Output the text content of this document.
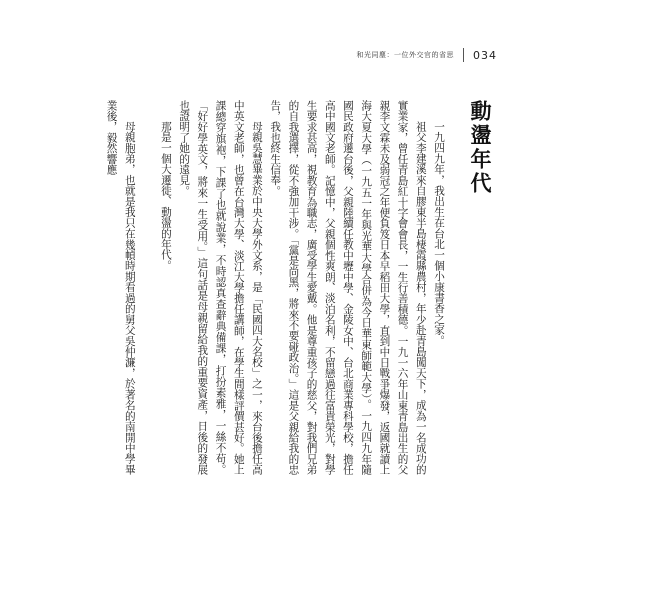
和光同塵：一位外交官的省思 034
動盪年代

一九四九年，我出生在台北一個小康書香之家。

祖父李建溪來自膠東半島棲霞縣農村，年少赴青島闖天下，成為一名成功的實業家，曾任青島紅十字會會長，一生行善積德。一九一六年山東青島出生的父親李文霖未及弱冠之年便負笈日本早稻田大學，直到中日戰爭爆發，返國就讀上海大夏大學（一九五一年與光華大學合併為今日華東師範大學）。一九四九年隨國民政府遷台後，父親陸續任教中壢中學、金陵女中、台北商業專科學校，擔任高中國文老師。記憶中，父親個性爽朗、淡泊名利，不留戀過往富貴榮光，對學生要求甚高，視教育為職志，廣受學生愛戴。他是尊重孩子的慈父，對我們兄弟的自我選擇，從不強加干涉。「黨是尚黑，將來不要碰政治。」這是父親給我的忠告，我也終生信奉。

母親吳慧畢業於中央大學外文系，是「民國四大名校」之一，來台後擔任高中英文老師，也曾在台灣大學、淡江大學擔任講師，在學生間樣評價甚好。她上課總穿旗袍，下課了也就說業，不時認真查辭典備課，打扮素雅，一絲不苟。「好好學英文，將來一生受用。」這句話是母親留給我的重要資產，日後的發展也證明了她的遠見。

那是一個大遷徙、動盪的年代。

母親胞弟，也就是我只在幾幀時期看過的舅父吳仲濂，於著名的南開中學畢業後，毅然響應
